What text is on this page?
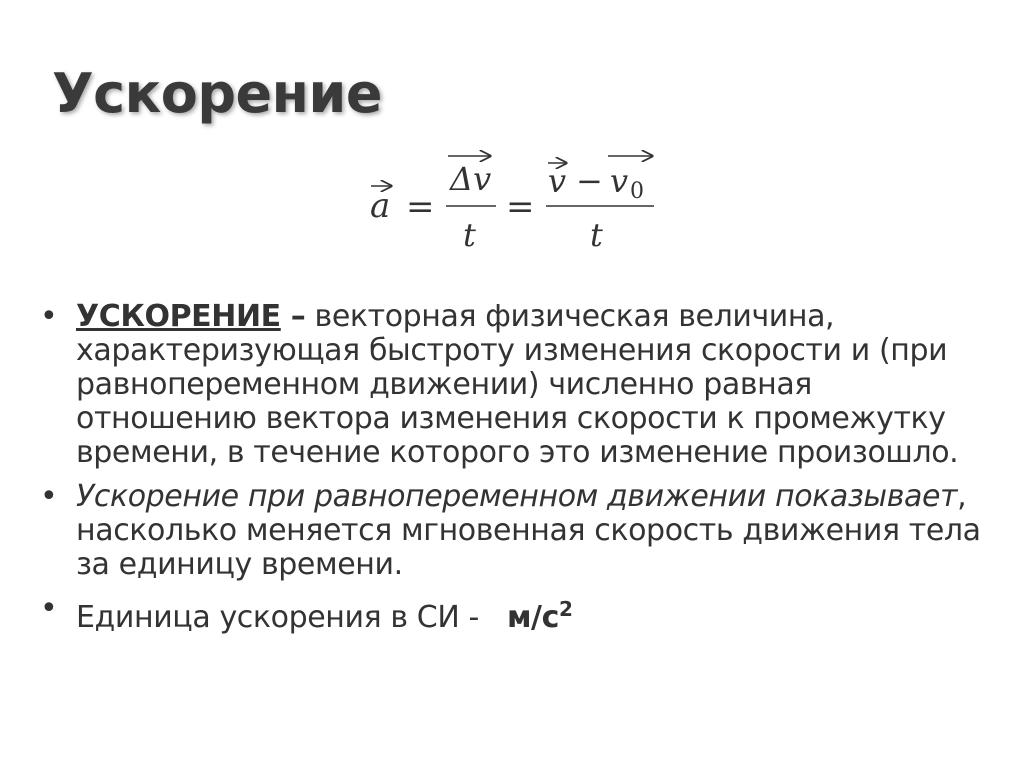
Ускорение
a =
Δv
t
=
v − v 0
t
• УСКОРЕНИЕ – векторная физическая величина, характеризующая быстроту изменения скорости и (при равнопеременном движении) численно равная отношению вектора изменения скорости к промежутку времени, в течение которого это изменение произошло.
• Ускорение при равнопеременном движении показывает, насколько меняется мгновенная скорость движения тела за единицу времени.
• Единица ускорения в СИ - $м/с^2$
